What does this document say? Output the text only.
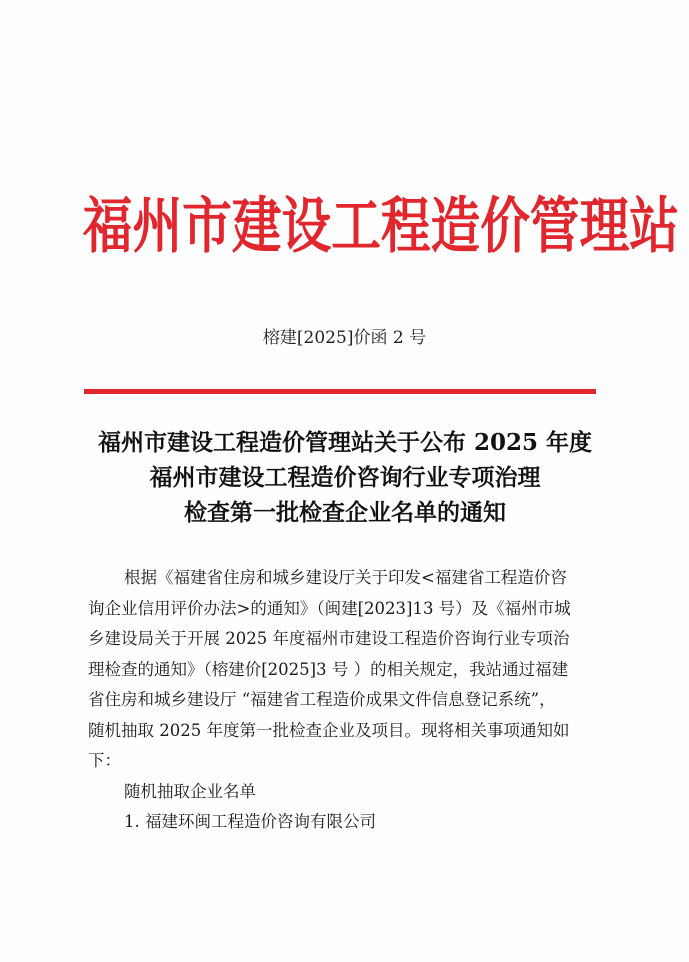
福州市建设工程造价管理站
榕建[2025]价函 2 号
福州市建设工程造价管理站关于公布 2025 年度
福州市建设工程造价咨询行业专项治理
检查第一批检查企业名单的通知
根据《福建省住房和城乡建设厅关于印发<福建省工程造价咨
询企业信用评价办法>的通知》（闽建[2023]13 号）及《福州市城
乡建设局关于开展 2025 年度福州市建设工程造价咨询行业专项治
理检查的通知》（榕建价[2025]3 号 ）的相关规定，我站通过福建
省住房和城乡建设厅 “福建省工程造价成果文件信息登记系统”，
随机抽取 2025 年度第一批检查企业及项目。现将相关事项通知如
下：
随机抽取企业名单
1. 福建环闽工程造价咨询有限公司
